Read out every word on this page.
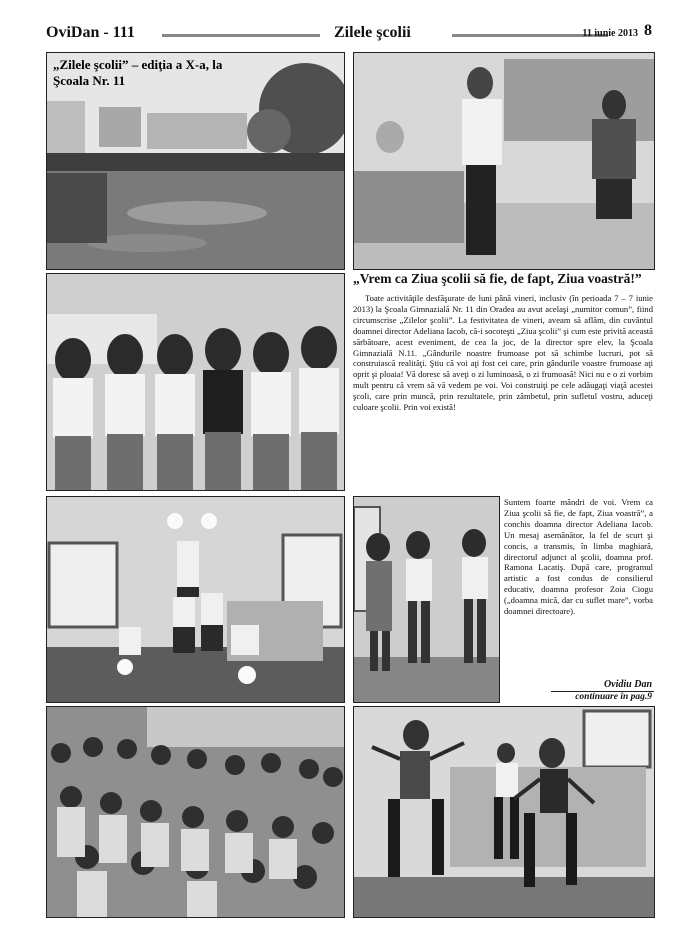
OviDan - 111	Zilele şcolii	11 iunie 2013 8
„Zilele şcolii” – ediţia a X-a, la Şcoala Nr. 11
„Vrem ca Ziua şcolii să fie, de fapt, Ziua voastră!”
Toate activităţile desfăşurate de luni până vineri, inclusiv (în perioada 7 – 7 iunie 2013) la Şcoala Gimnazială Nr. 11 din Oradea au avut acelaşi „numitor comun”, fiind circumscrise „Zilelor şcolii”. La festivitatea de vineri, aveam să aflăm, din cuvântul doamnei director Adeliana Iacob, că-i socoteşti „Ziua şcolii” şi cum este privită această sărbătoare, acest eveniment, de cea la joc, de la director spre elev, la Şcoala Gimnazială N.11. „Gândurile noastre frumoase pot să schimbe lucruri, pot să construiască realităţi. Ştiu că voi aţi fost cei care, prin gândurile voastre frumoase aţi oprit şi ploaia! Vă doresc să aveţi o zi luminoasă, o zi frumoasă! Nici nu e o zi vorbim mult pentru că vrem să vă vedem pe voi. Voi construiţi pe cele adăugaţi viaţă acestei şcoli, care prin muncă, prin rezultatele, prin zâmbetul, prin sufletul vostru, aduceţi culoare şcolii. Prin voi există!
Suntem foarte mândri de voi. Vrem ca Ziua şcolii să fie, de fapt, Ziua voastră”, a conchis doamna director Adeliana Iacob. Un mesaj asemănător, la fel de scurt şi concis, a transmis, în limba maghiară, directorul adjunct al şcolii, doamna prof. Ramona Lacatiş. După care, programul artistic a fost condus de consilierul educativ, doamna profesor Zoia Ciogu („doamna mică, dar cu suflet mare”, vorba doamnei directoare).
Ovidiu Dan
continuare în pag.9
